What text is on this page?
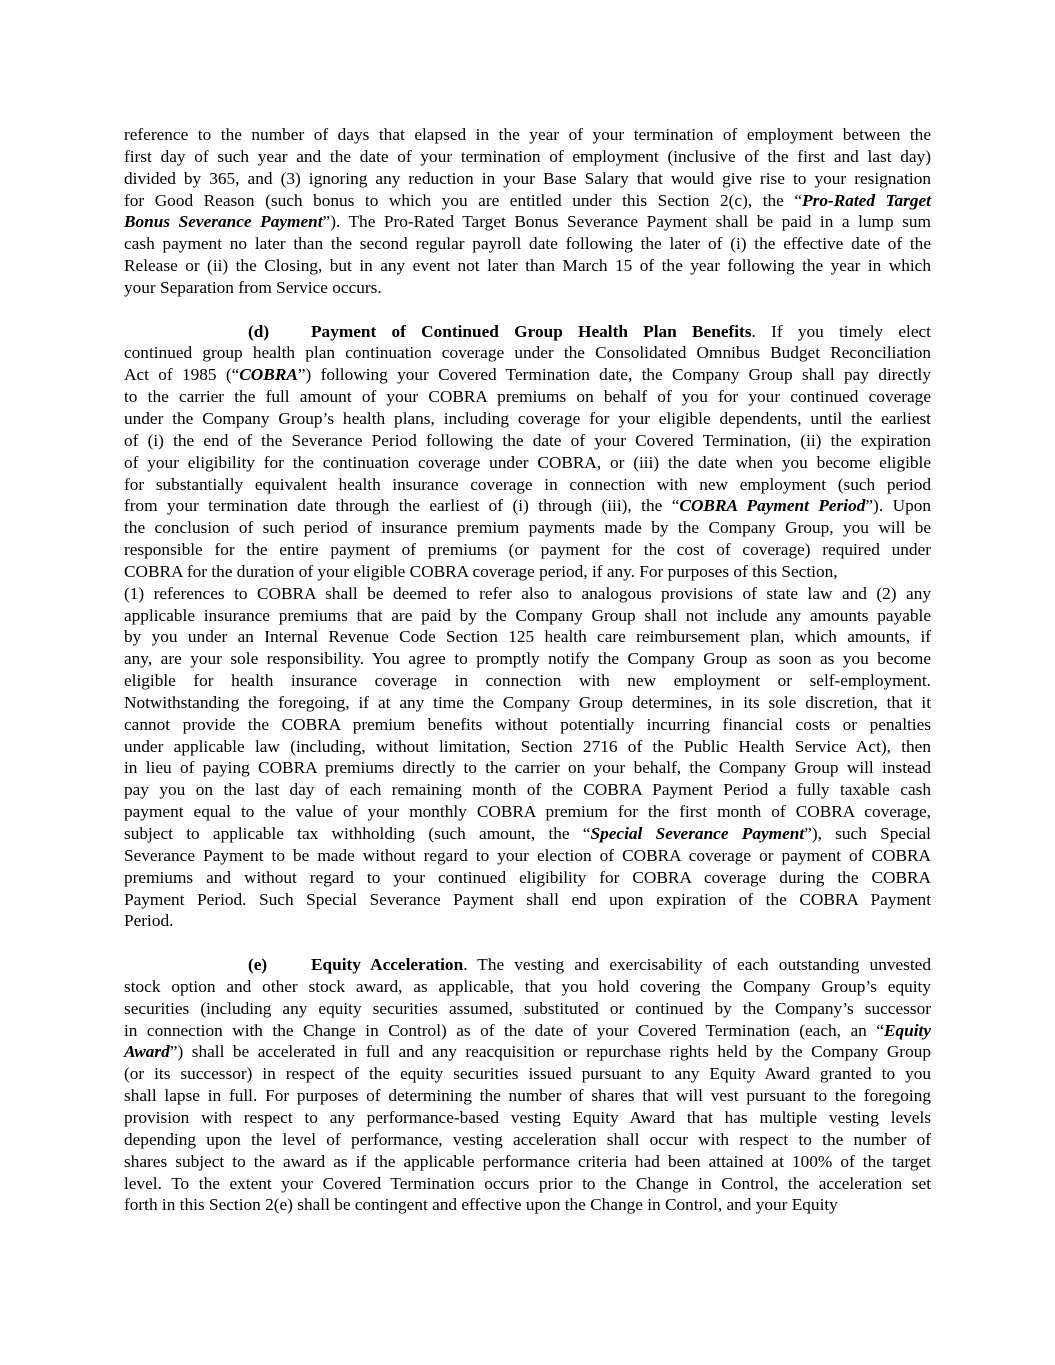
reference to the number of days that elapsed in the year of your termination of employment between the
first day of such year and the date of your termination of employment (inclusive of the first and last day)
divided by 365, and (3) ignoring any reduction in your Base Salary that would give rise to your resignation
for Good Reason (such bonus to which you are entitled under this Section 2(c), the “Pro-Rated Target
Bonus Severance Payment”). The Pro-Rated Target Bonus Severance Payment shall be paid in a lump sum
cash payment no later than the second regular payroll date following the later of (i) the effective date of the
Release or (ii) the Closing, but in any event not later than March 15 of the year following the year in which
your Separation from Service occurs.
(d) Payment of Continued Group Health Plan Benefits. If you timely elect
continued group health plan continuation coverage under the Consolidated Omnibus Budget Reconciliation
Act of 1985 (“COBRA”) following your Covered Termination date, the Company Group shall pay directly
to the carrier the full amount of your COBRA premiums on behalf of you for your continued coverage
under the Company Group’s health plans, including coverage for your eligible dependents, until the earliest
of (i) the end of the Severance Period following the date of your Covered Termination, (ii) the expiration
of your eligibility for the continuation coverage under COBRA, or (iii) the date when you become eligible
for substantially equivalent health insurance coverage in connection with new employment (such period
from your termination date through the earliest of (i) through (iii), the “COBRA Payment Period”). Upon
the conclusion of such period of insurance premium payments made by the Company Group, you will be
responsible for the entire payment of premiums (or payment for the cost of coverage) required under
COBRA for the duration of your eligible COBRA coverage period, if any. For purposes of this Section,
(1) references to COBRA shall be deemed to refer also to analogous provisions of state law and (2) any
applicable insurance premiums that are paid by the Company Group shall not include any amounts payable
by you under an Internal Revenue Code Section 125 health care reimbursement plan, which amounts, if
any, are your sole responsibility. You agree to promptly notify the Company Group as soon as you become
eligible for health insurance coverage in connection with new employment or self-employment.
Notwithstanding the foregoing, if at any time the Company Group determines, in its sole discretion, that it
cannot provide the COBRA premium benefits without potentially incurring financial costs or penalties
under applicable law (including, without limitation, Section 2716 of the Public Health Service Act), then
in lieu of paying COBRA premiums directly to the carrier on your behalf, the Company Group will instead
pay you on the last day of each remaining month of the COBRA Payment Period a fully taxable cash
payment equal to the value of your monthly COBRA premium for the first month of COBRA coverage,
subject to applicable tax withholding (such amount, the “Special Severance Payment”), such Special
Severance Payment to be made without regard to your election of COBRA coverage or payment of COBRA
premiums and without regard to your continued eligibility for COBRA coverage during the COBRA
Payment Period. Such Special Severance Payment shall end upon expiration of the COBRA Payment
Period.
(e)	Equity Acceleration. The vesting and exercisability of each outstanding unvested
stock option and other stock award, as applicable, that you hold covering the Company Group’s equity
securities (including any equity securities assumed, substituted or continued by the Company’s successor
in connection with the Change in Control) as of the date of your Covered Termination (each, an “Equity
Award”) shall be accelerated in full and any reacquisition or repurchase rights held by the Company Group
(or its successor) in respect of the equity securities issued pursuant to any Equity Award granted to you
shall lapse in full. For purposes of determining the number of shares that will vest pursuant to the foregoing
provision with respect to any performance-based vesting Equity Award that has multiple vesting levels
depending upon the level of performance, vesting acceleration shall occur with respect to the number of
shares subject to the award as if the applicable performance criteria had been attained at 100% of the target
level. To the extent your Covered Termination occurs prior to the Change in Control, the acceleration set
forth in this Section 2(e) shall be contingent and effective upon the Change in Control, and your Equity
